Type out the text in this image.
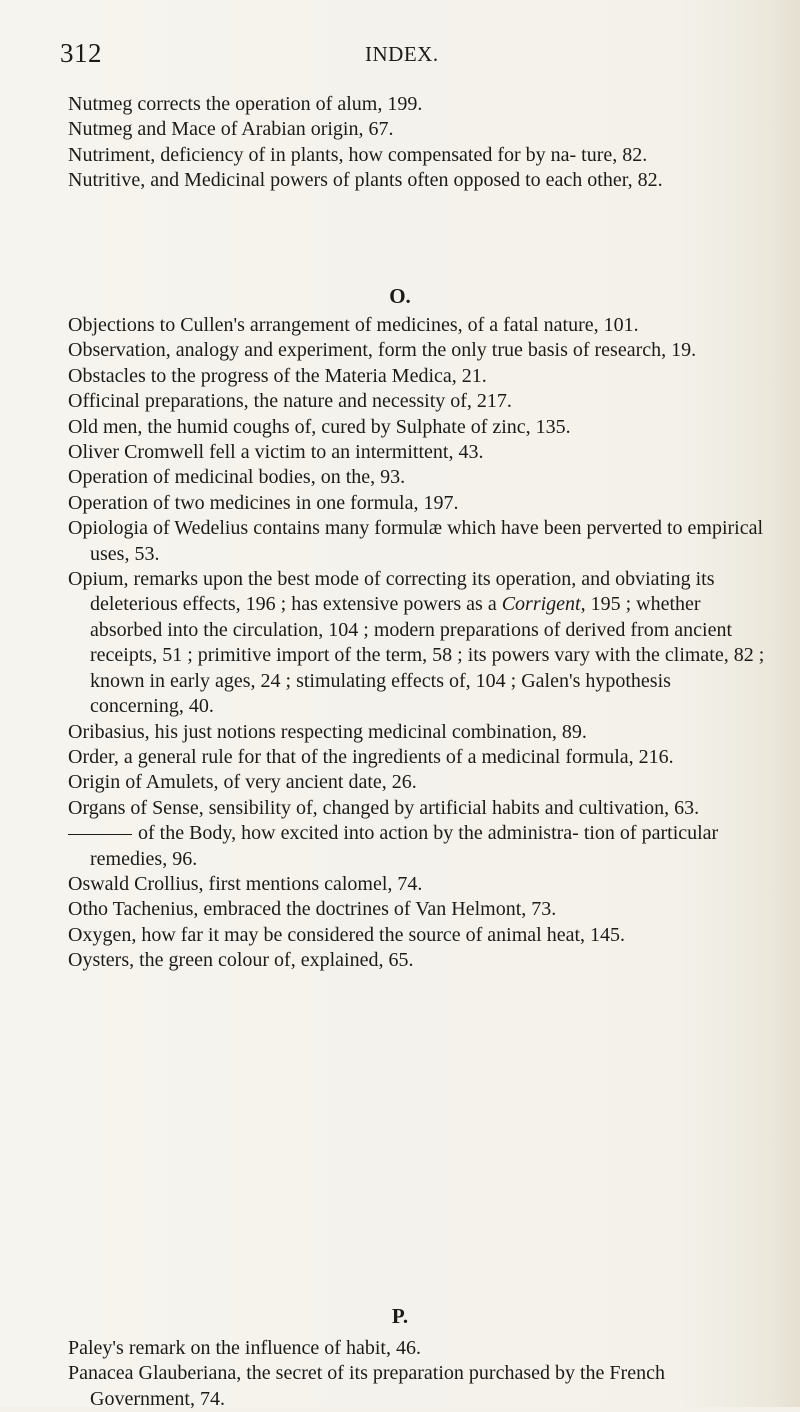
312	INDEX.
Nutmeg corrects the operation of alum, 199.
Nutmeg and Mace of Arabian origin, 67.
Nutriment, deficiency of in plants, how compensated for by na- ture, 82.
Nutritive, and Medicinal powers of plants often opposed to each other, 82.
O.
Objections to Cullen's arrangement of medicines, of a fatal nature, 101.
Observation, analogy and experiment, form the only true basis of research, 19.
Obstacles to the progress of the Materia Medica, 21.
Officinal preparations, the nature and necessity of, 217.
Old men, the humid coughs of, cured by Sulphate of zinc, 135.
Oliver Cromwell fell a victim to an intermittent, 43.
Operation of medicinal bodies, on the, 93.
Operation of two medicines in one formula, 197.
Opiologia of Wedelius contains many formulæ which have been perverted to empirical uses, 53.
Opium, remarks upon the best mode of correcting its operation, and obviating its deleterious effects, 196 ; has extensive powers as a Corrigent, 195 ; whether absorbed into the circulation, 104 ; modern preparations of derived from ancient receipts, 51 ; primitive import of the term, 58 ; its powers vary with the climate, 82 ; known in early ages, 24 ; stimulating effects of, 104 ; Galen's hypothesis concerning, 40.
Oribasius, his just notions respecting medicinal combination, 89.
Order, a general rule for that of the ingredients of a medicinal formula, 216.
Origin of Amulets, of very ancient date, 26.
Organs of Sense, sensibility of, changed by artificial habits and cultivation, 63.
of the Body, how excited into action by the administra- tion of particular remedies, 96.
Oswald Crollius, first mentions calomel, 74.
Otho Tachenius, embraced the doctrines of Van Helmont, 73.
Oxygen, how far it may be considered the source of animal heat, 145.
Oysters, the green colour of, explained, 65.
P.
Paley's remark on the influence of habit, 46.
Panacea Glauberiana, the secret of its preparation purchased by the French Government, 74.
